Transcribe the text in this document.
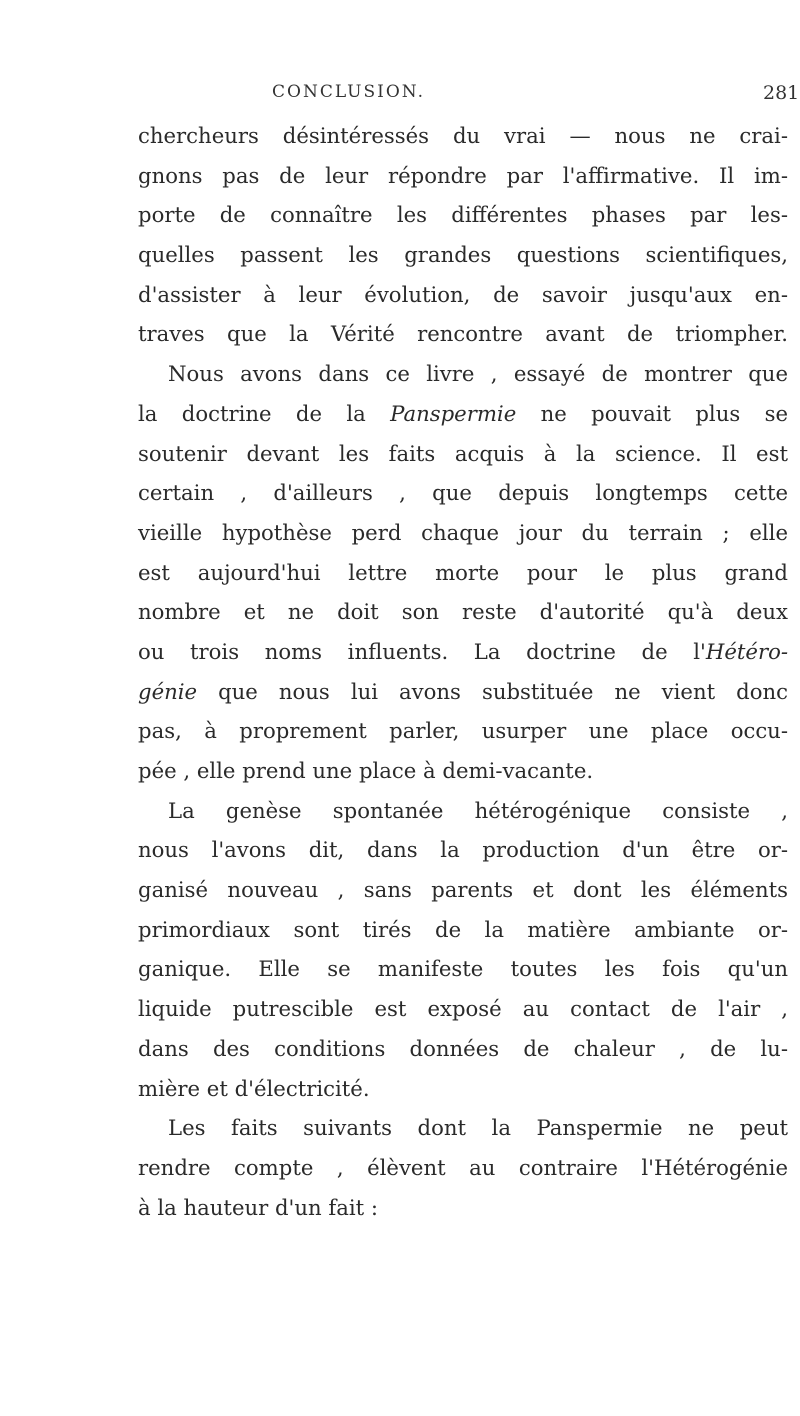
CONCLUSION.	281
chercheurs désintéressés du vrai — nous ne crai-
gnons pas de leur répondre par l'affirmative. Il im-
porte de connaître les différentes phases par les-
quelles passent les grandes questions scientifiques,
d'assister à leur évolution, de savoir jusqu'aux en-
traves que la Vérité rencontre avant de triompher.
Nous avons dans ce livre , essayé de montrer que
la doctrine de la Panspermie ne pouvait plus se
soutenir devant les faits acquis à la science. Il est
certain , d'ailleurs , que depuis longtemps cette
vieille hypothèse perd chaque jour du terrain ; elle
est aujourd'hui lettre morte pour le plus grand
nombre et ne doit son reste d'autorité qu'à deux
ou trois noms influents. La doctrine de l'Hétéro-
génie que nous lui avons substituée ne vient donc
pas, à proprement parler, usurper une place occu-
pée , elle prend une place à demi-vacante.
La genèse spontanée hétérogénique consiste ,
nous l'avons dit, dans la production d'un être or-
ganisé nouveau , sans parents et dont les éléments
primordiaux sont tirés de la matière ambiante or-
ganique. Elle se manifeste toutes les fois qu'un
liquide putrescible est exposé au contact de l'air ,
dans des conditions données de chaleur , de lu-
mière et d'électricité.
Les faits suivants dont la Panspermie ne peut
rendre compte , élèvent au contraire l'Hétérogénie
à la hauteur d'un fait :
